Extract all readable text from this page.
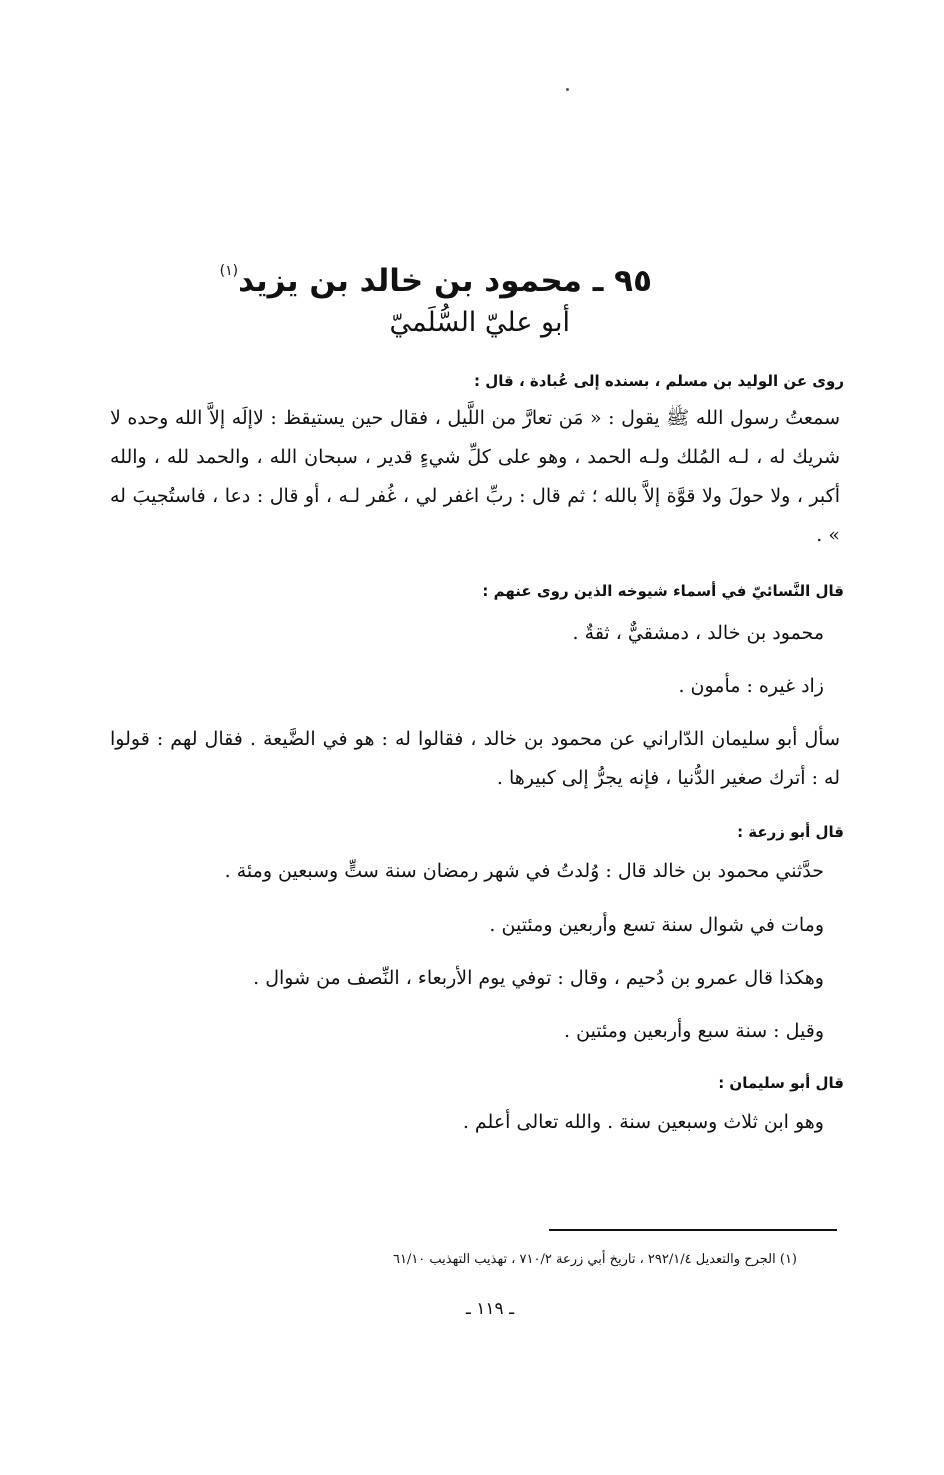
٩٥ ـ محمود بن خالد بن يزيد$^{(١)}$
أبو عليّ السُّلَميّ
روى عن الوليد بن مسلم ، بسنده إلى عُبادة ، قال :
سمعتُ رسول الله ﷺ يقول : « مَن تعارَّ من اللَّيل ، فقال حين يستيقظ : لاإلَه إلاَّ الله وحده لا شريك له ، لـه المُلك ولـه الحمد ، وهو على كلِّ شيءٍ قدير ، سبحان الله ، والحمد لله ، والله أكبر ، ولا حولَ ولا قوَّة إلاَّ بالله ؛ ثم قال : ربِّ اغفر لي ، غُفر لـه ، أو قال : دعا ، فاستُجيبَ له » .
قال النَّسائيّ في أسماء شيوخه الذين روى عنهم :
محمود بن خالد ، دمشقيٌّ ، ثقةٌ .
زاد غيره : مأمون .
سأل أبو سليمان الدّاراني عن محمود بن خالد ، فقالوا له : هو في الضَّيعة . فقال لهم : قولوا له : أترك صغير الدُّنيا ، فإنه يجرُّ إلى كبيرها .
قال أبو زرعة :
حدَّثني محمود بن خالد قال : وُلدتُ في شهر رمضان سنة ستٍّ وسبعين ومئة .
ومات في شوال سنة تسع وأربعين ومئتين .
وهكذا قال عمرو بن دُحيم ، وقال : توفي يوم الأربعاء ، النِّصف من شوال .
وقيل : سنة سبع وأربعين ومئتين .
قال أبو سليمان :
وهو ابن ثلاث وسبعين سنة . والله تعالى أعلم .
(١) الجرح والتعديل ٢٩٢/١/٤ ، تاريخ أبي زرعة ٧١٠/٢ ، تهذيب التهذيب ٦١/١٠
ـ ١١٩ ـ
